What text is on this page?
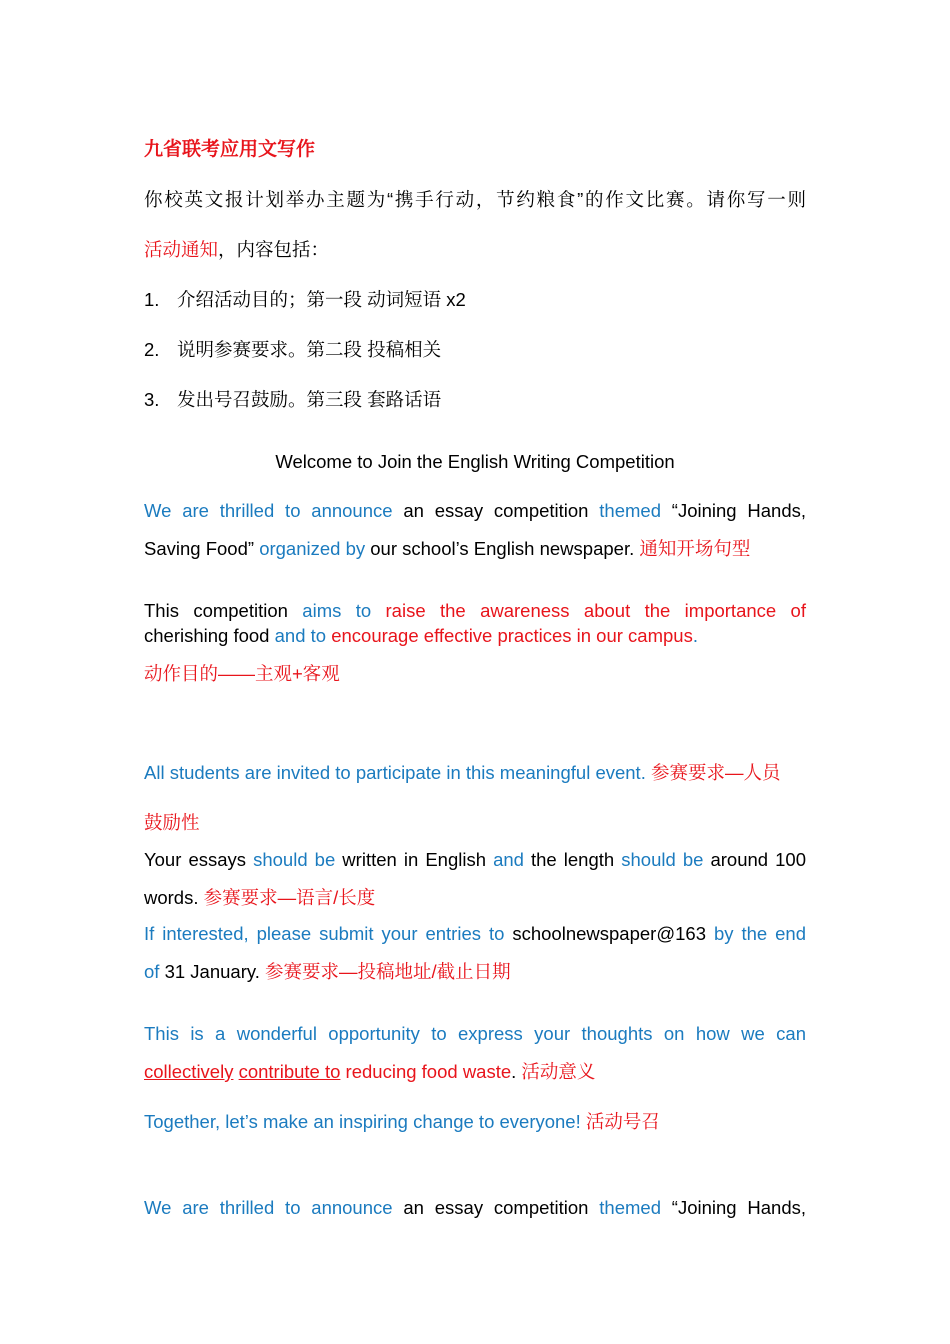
九省联考应用文写作
你校英文报计划举办主题为“携手行动，节约粮食”的作文比赛。请你写一则
活动通知，内容包括：
1. 介绍活动目的；第一段 动词短语 x2
2. 说明参赛要求。第二段 投稿相关
3. 发出号召鼓励。第三段 套路话语
Welcome to Join the English Writing Competition
We are thrilled to announce an essay competition themed “Joining Hands,
Saving Food” organized by our school’s English newspaper. 通知开场句型
This competition aims to raise the awareness about the importance of
cherishing food and to encourage effective practices in our campus.
动作目的——主观+客观
All students are invited to participate in this meaningful event. 参赛要求—人员
鼓励性
Your essays should be written in English and the length should be around 100
words. 参赛要求—语言/长度
If interested, please submit your entries to schoolnewspaper@163 by the end
of 31 January. 参赛要求—投稿地址/截止日期
This is a wonderful opportunity to express your thoughts on how we can
collectively contribute to reducing food waste. 活动意义
Together, let’s make an inspiring change to everyone! 活动号召
We are thrilled to announce an essay competition themed “Joining Hands,
